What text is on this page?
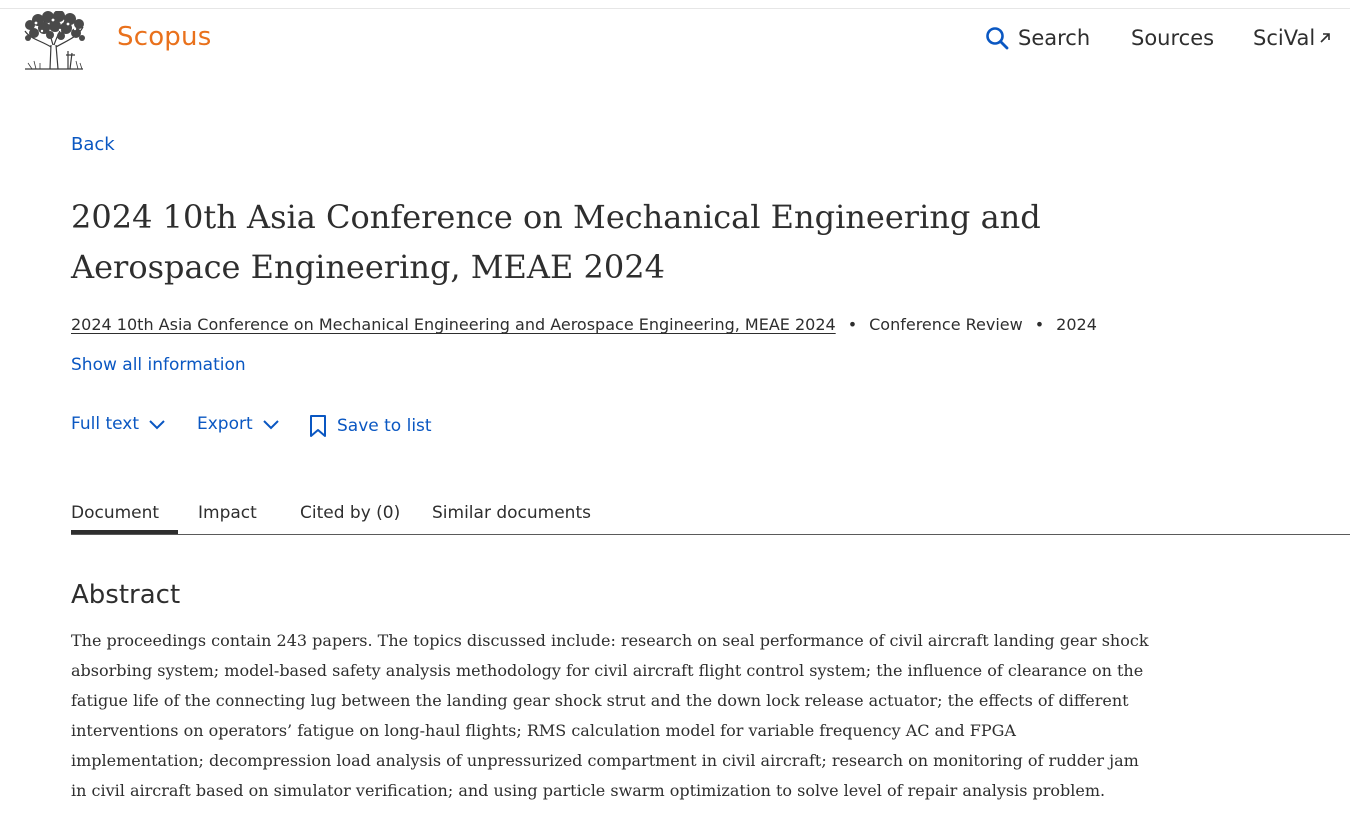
Scopus	Search Sources SciVal
Back
2024 10th Asia Conference on Mechanical Engineering and Aerospace Engineering, MEAE 2024
2024 10th Asia Conference on Mechanical Engineering and Aerospace Engineering, MEAE 2024 • Conference Review • 2024
Show all information
Full text	Export	Save to list
Document Impact	Cited by (0) Similar documents
Abstract

The proceedings contain 243 papers. The topics discussed include: research on seal performance of civil aircraft landing gear shock absorbing system; model-based safety analysis methodology for civil aircraft flight control system; the influence of clearance on the fatigue life of the connecting lug between the landing gear shock strut and the down lock release actuator; the effects of different interventions on operators’ fatigue on long-haul flights; RMS calculation model for variable frequency AC and FPGA implementation; decompression load analysis of unpressurized compartment in civil aircraft; research on monitoring of rudder jam in civil aircraft based on simulator verification; and using particle swarm optimization to solve level of repair analysis problem.
